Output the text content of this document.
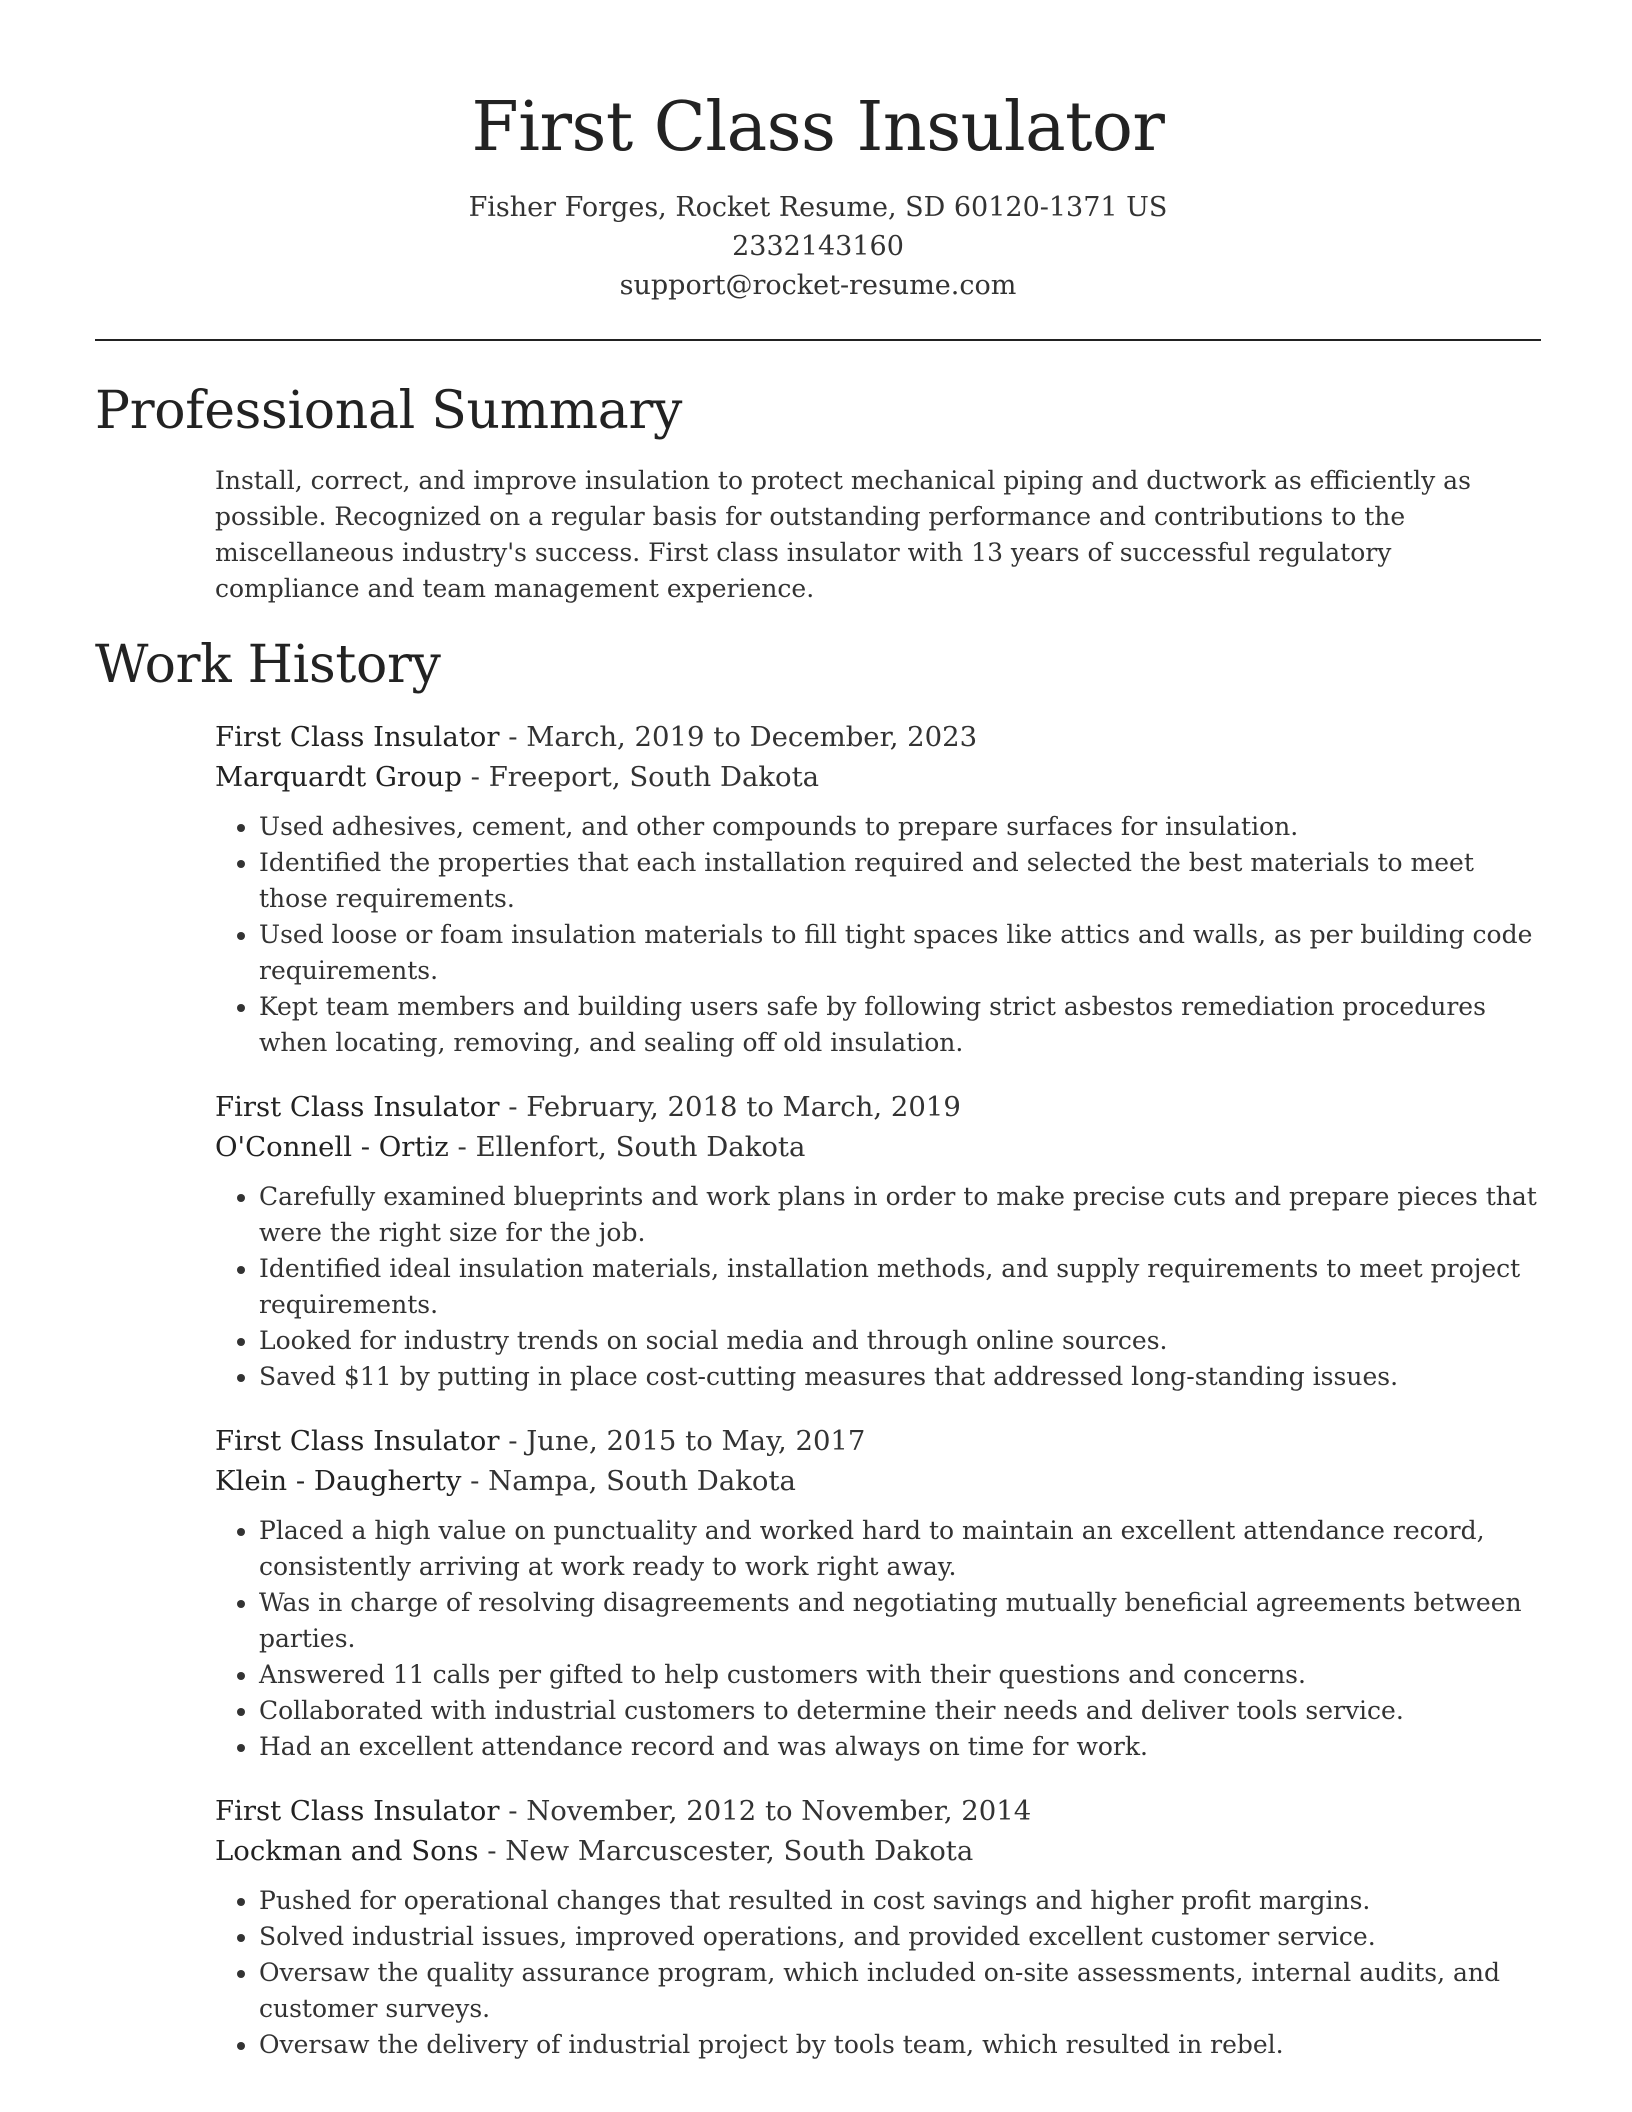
First Class Insulator
Fisher Forges, Rocket Resume, SD 60120-1371 US
2332143160
support@rocket-resume.com
Professional Summary

Install, correct, and improve insulation to protect mechanical piping and ductwork as efficiently as possible. Recognized on a regular basis for outstanding performance and contributions to the miscellaneous industry's success. First class insulator with 13 years of successful regulatory compliance and team management experience.

Work History
First Class Insulator - March, 2019 to December, 2023
Marquardt Group - Freeport, South Dakota
• Used adhesives, cement, and other compounds to prepare surfaces for insulation.
• Identified the properties that each installation required and selected the best materials to meet those requirements.
• Used loose or foam insulation materials to fill tight spaces like attics and walls, as per building code requirements.
• Kept team members and building users safe by following strict asbestos remediation procedures when locating, removing, and sealing off old insulation.
First Class Insulator - February, 2018 to March, 2019
O'Connell - Ortiz - Ellenfort, South Dakota
• Carefully examined blueprints and work plans in order to make precise cuts and prepare pieces that were the right size for the job.
• Identified ideal insulation materials, installation methods, and supply requirements to meet project requirements.
• Looked for industry trends on social media and through online sources.
• Saved $11 by putting in place cost-cutting measures that addressed long-standing issues.
First Class Insulator - June, 2015 to May, 2017
Klein - Daugherty - Nampa, South Dakota
• Placed a high value on punctuality and worked hard to maintain an excellent attendance record, consistently arriving at work ready to work right away.
• Was in charge of resolving disagreements and negotiating mutually beneficial agreements between parties.
• Answered 11 calls per gifted to help customers with their questions and concerns.
• Collaborated with industrial customers to determine their needs and deliver tools service.
• Had an excellent attendance record and was always on time for work.
First Class Insulator - November, 2012 to November, 2014
Lockman and Sons - New Marcuscester, South Dakota
• Pushed for operational changes that resulted in cost savings and higher profit margins.
• Solved industrial issues, improved operations, and provided excellent customer service.
• Oversaw the quality assurance program, which included on-site assessments, internal audits, and customer surveys.
• Oversaw the delivery of industrial project by tools team, which resulted in rebel.
